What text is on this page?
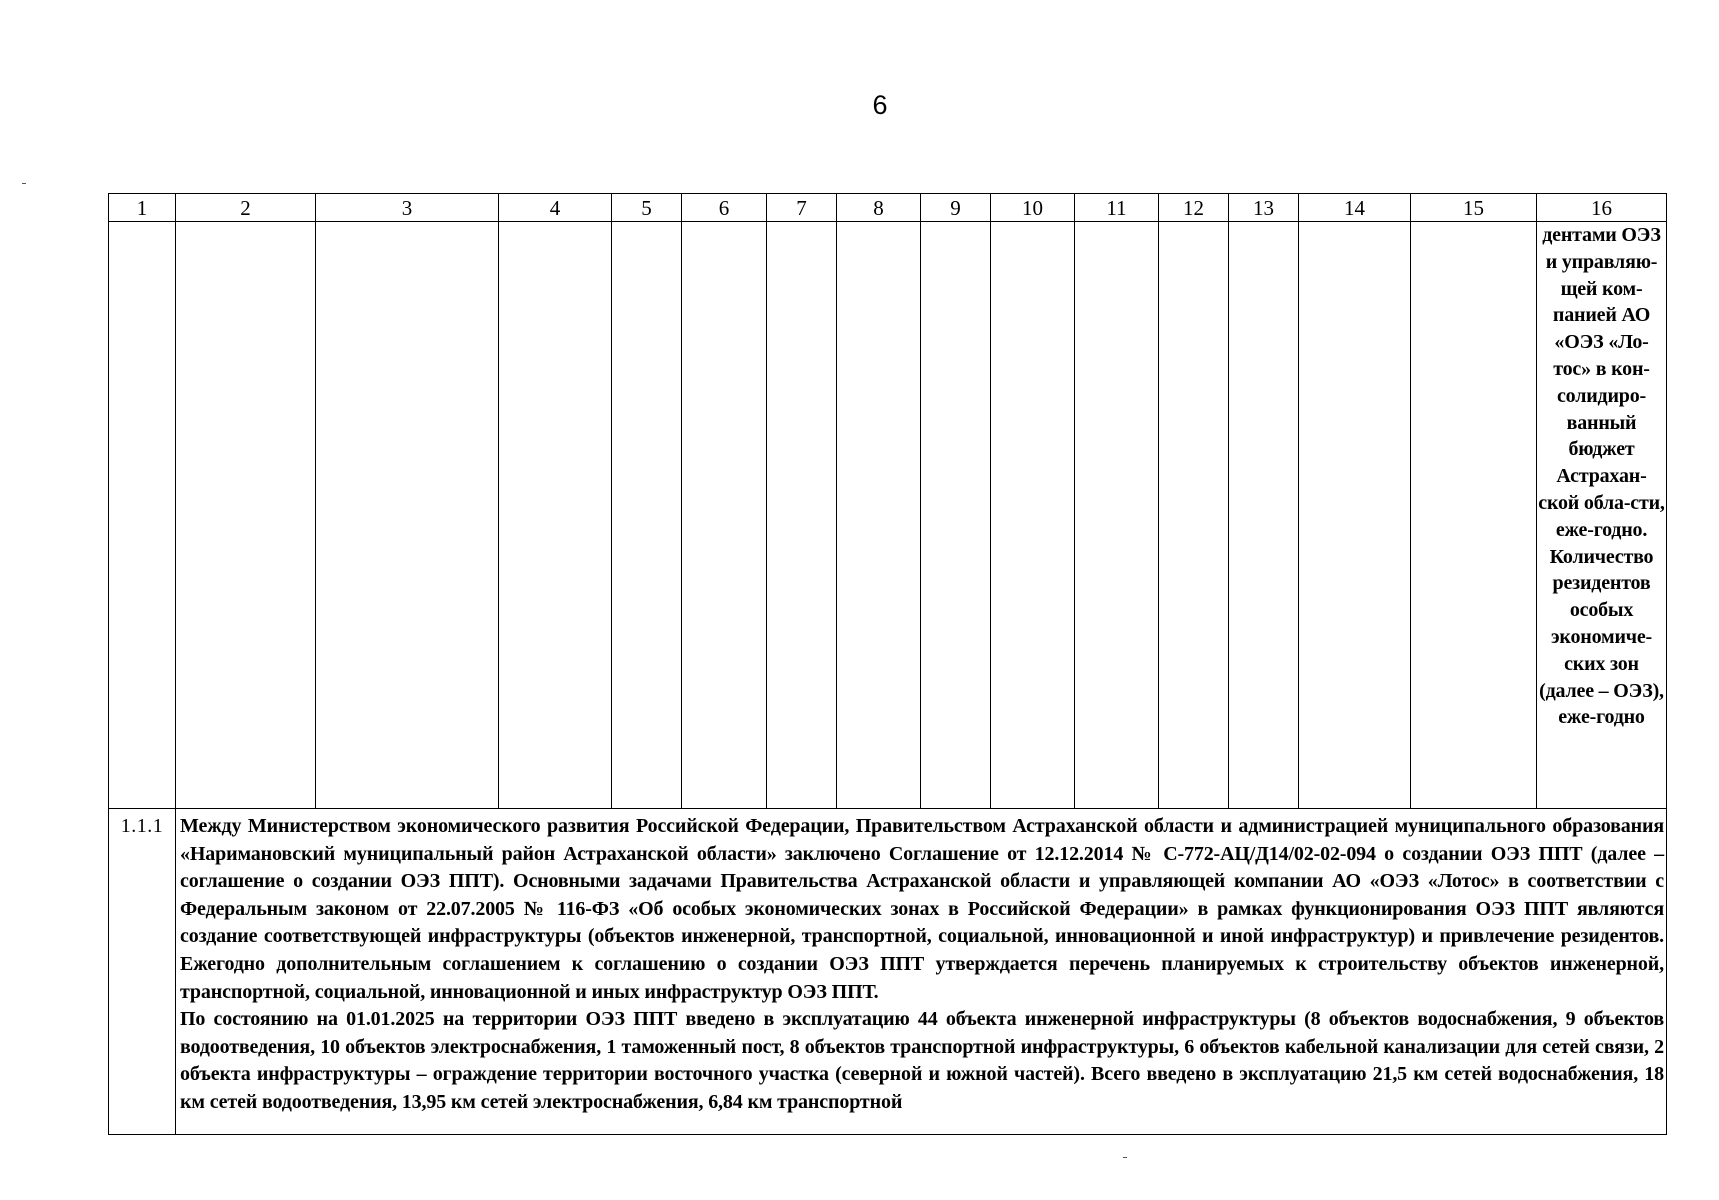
6
1	2	3	4	5	6	7	8	9	10	11	12	13	14	15	16
															дентами ОЭЗ и управляю-щей ком-панией АО «ОЭЗ «Ло-тос» в кон-солидиро-ванный бюджет Астрахан-ской обла-сти, еже-годно. Количество резидентов особых экономиче-ских зон (далее – ОЭЗ), еже-годно
1.1.1	Между Министерством экономического развития Российской Федерации, Правительством Астраханской области и администрацией муниципального образования «Наримановский муниципальный район Астраханской области» заключено Соглашение от 12.12.2014 № С-772-АЦ/Д14/02-02-094 о создании ОЭЗ ППТ (далее – соглашение о создании ОЭЗ ППТ). Основными задачами Правительства Астраханской области и управляющей компании АО «ОЭЗ «Лотос» в соответствии с Федеральным законом от 22.07.2005 № 116-ФЗ «Об особых экономических зонах в Российской Федерации» в рамках функционирования ОЭЗ ППТ являются создание соответствующей инфраструктуры (объектов инженерной, транспортной, социальной, инновационной и иной инфраструктур) и привлечение резидентов. Ежегодно дополнительным соглашением к соглашению о создании ОЭЗ ППТ утверждается перечень планируемых к строительству объектов инженерной, транспортной, социальной, инновационной и иных инфраструктур ОЭЗ ППТ.

По состоянию на 01.01.2025 на территории ОЭЗ ППТ введено в эксплуатацию 44 объекта инженерной инфраструктуры (8 объектов водоснабжения, 9 объектов водоотведения, 10 объектов электроснабжения, 1 таможенный пост, 8 объектов транспортной инфраструктуры, 6 объектов кабельной канализации для сетей связи, 2 объекта инфраструктуры – ограждение территории восточного участка (северной и южной частей). Всего введено в эксплуатацию 21,5 км сетей водоснабжения, 18 км сетей водоотведения, 13,95 км сетей электроснабжения, 6,84 км транспортной														
